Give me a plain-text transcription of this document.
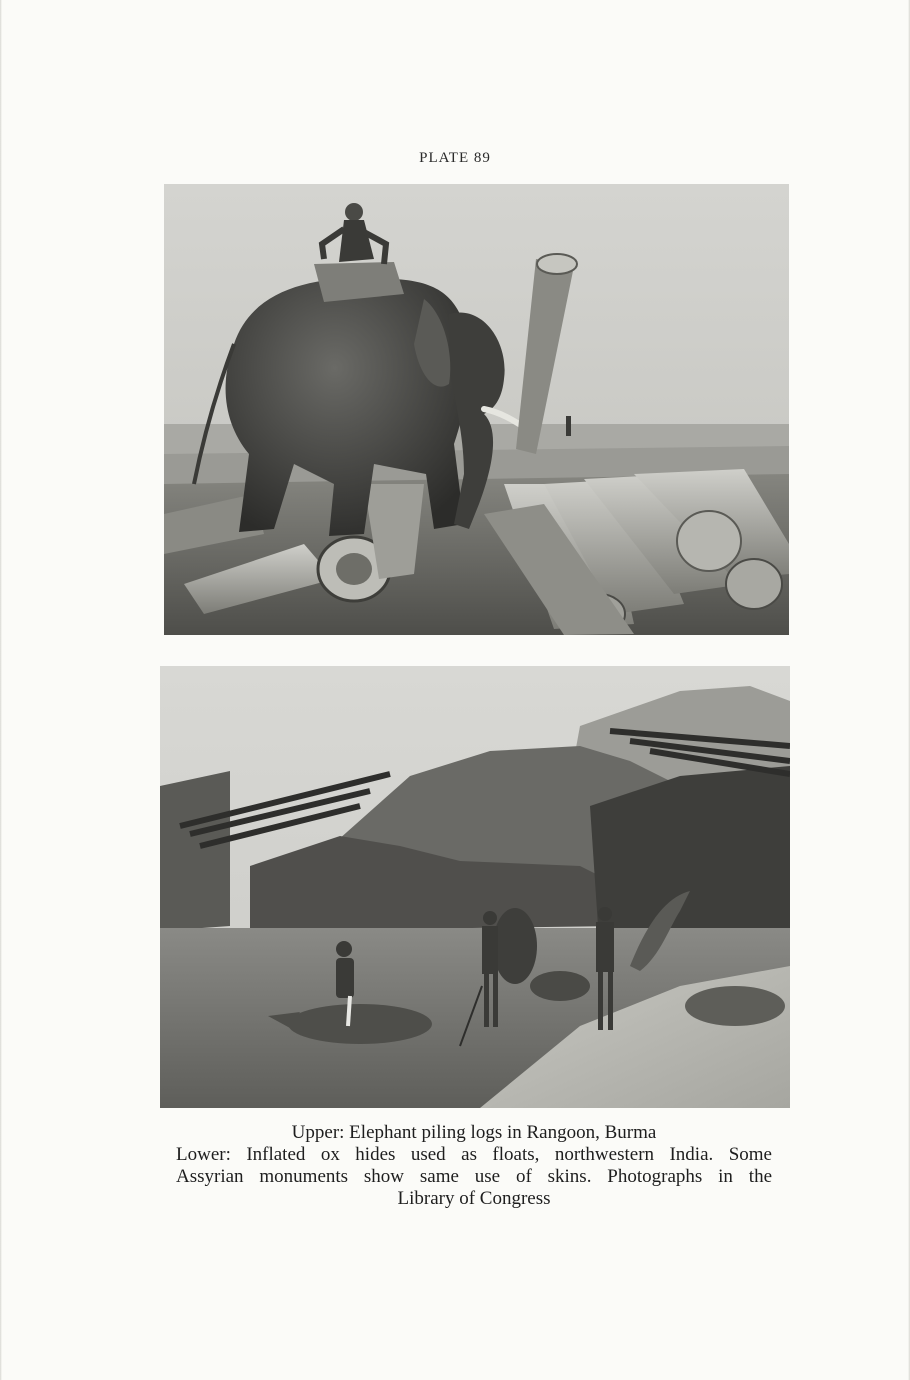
PLATE 89
Upper: Elephant piling logs in Rangoon, Burma
Lower: Inflated ox hides used as floats, northwestern India. Some
Assyrian monuments show same use of skins. Photographs in the
Library of Congress
